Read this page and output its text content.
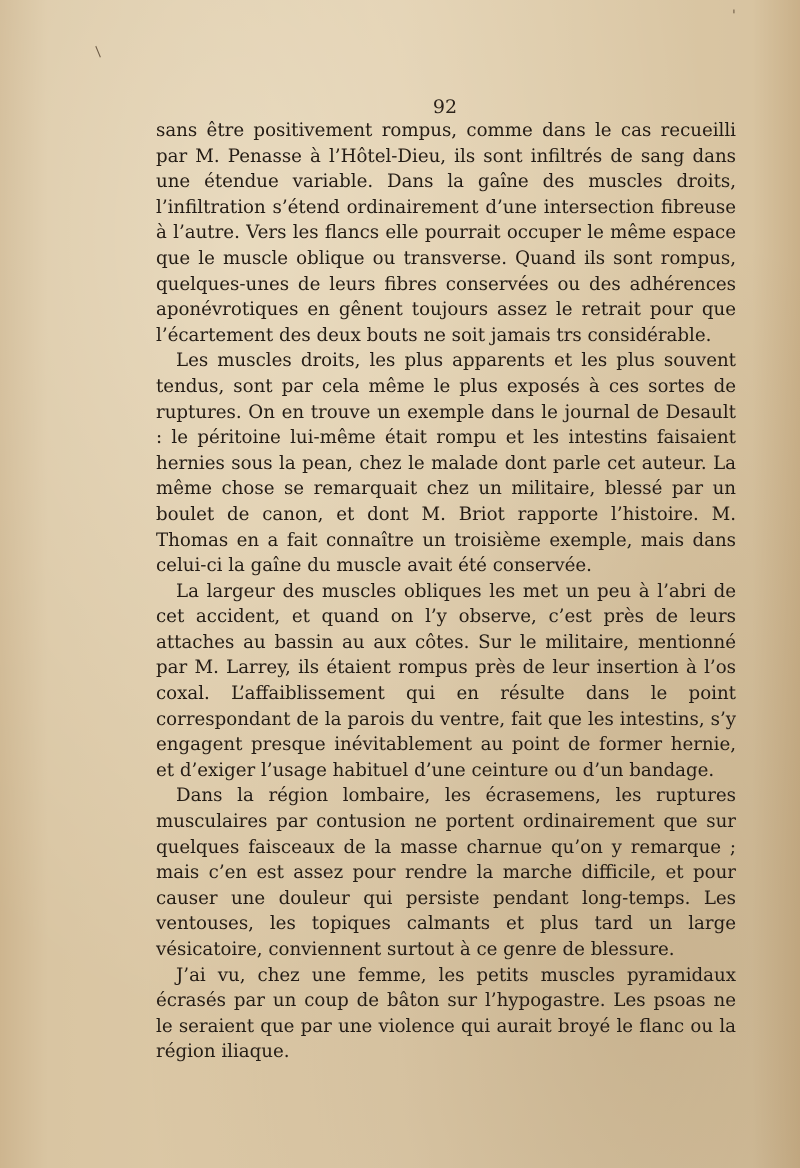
/
'
92

sans être positivement rompus, comme dans le cas recueilli par M. Penasse à l’Hôtel-Dieu, ils sont infiltrés de sang dans une étendue variable. Dans la gaîne des muscles droits, l’infiltration s’étend ordinairement d’une intersection fibreuse à l’autre. Vers les flancs elle pourrait occuper le même espace que le muscle oblique ou transverse. Quand ils sont rompus, quelques-unes de leurs fibres conservées ou des adhérences aponévrotiques en gênent toujours assez le retrait pour que l’écartement des deux bouts ne soit jamais trs considérable.

Les muscles droits, les plus apparents et les plus souvent tendus, sont par cela même le plus exposés à ces sortes de ruptures. On en trouve un exemple dans le journal de Desault : le péritoine lui-même était rompu et les intestins faisaient hernies sous la pean, chez le malade dont parle cet auteur. La même chose se remarquait chez un militaire, blessé par un boulet de canon, et dont M. Briot rapporte l’histoire. M. Thomas en a fait connaître un troisième exemple, mais dans celui-ci la gaîne du muscle avait été conservée.

La largeur des muscles obliques les met un peu à l’abri de cet accident, et quand on l’y observe, c’est près de leurs attaches au bassin au aux côtes. Sur le militaire, mentionné par M. Larrey, ils étaient rompus près de leur insertion à l’os coxal. L’affaiblissement qui en résulte dans le point correspondant de la parois du ventre, fait que les intestins, s’y engagent presque inévitablement au point de former hernie, et d’exiger l’usage habituel d’une ceinture ou d’un bandage.

Dans la région lombaire, les écrasemens, les ruptures musculaires par contusion ne portent ordinairement que sur quelques faisceaux de la masse charnue qu’on y remarque ; mais c’en est assez pour rendre la marche difficile, et pour causer une douleur qui persiste pendant long-temps. Les ventouses, les topiques calmants et plus tard un large vésicatoire, conviennent surtout à ce genre de blessure.

J’ai vu, chez une femme, les petits muscles pyramidaux écrasés par un coup de bâton sur l’hypogastre. Les psoas ne le seraient que par une violence qui aurait broyé le flanc ou la région iliaque.
